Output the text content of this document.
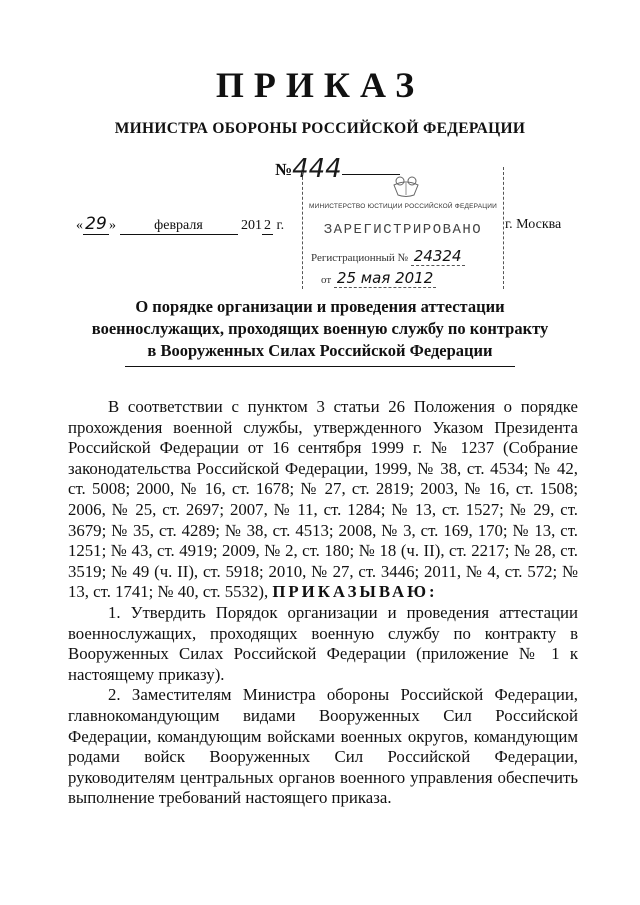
ПРИКАЗ
МИНИСТРА ОБОРОНЫ РОССИЙСКОЙ ФЕДЕРАЦИИ
№444
« 29 »	февраля	201 2 г.	г. Москва
МИНИСТЕРСТВО ЮСТИЦИИ РОССИЙСКОЙ ФЕДЕРАЦИИ
ЗАРЕГИСТРИРОВАНО
Регистрационный № 24324
от 25 мая 2012
О порядке организации и проведения аттестации
военнослужащих, проходящих военную службу по контракту
в Вооруженных Силах Российской Федерации

В соответствии с пунктом 3 статьи 26 Положения о порядке прохождения военной службы, утвержденного Указом Президента Российской Федерации от 16 сентября 1999 г. № 1237 (Собрание законодательства Российской Федерации, 1999, № 38, ст. 4534; № 42, ст. 5008; 2000, № 16, ст. 1678; № 27, ст. 2819; 2003, № 16, ст. 1508; 2006, № 25, ст. 2697; 2007, № 11, ст. 1284; № 13, ст. 1527; № 29, ст. 3679; № 35, ст. 4289; № 38, ст. 4513; 2008, № 3, ст. 169, 170; № 13, ст. 1251; № 43, ст. 4919; 2009, № 2, ст. 180; № 18 (ч. II), ст. 2217; № 28, ст. 3519; № 49 (ч. II), ст. 5918; 2010, № 27, ст. 3446; 2011, № 4, ст. 572; № 13, ст. 1741; № 40, ст. 5532), ПРИКАЗЫВАЮ:

1. Утвердить Порядок организации и проведения аттестации военнослужащих, проходящих военную службу по контракту в Вооруженных Силах Российской Федерации (приложение № 1 к настоящему приказу).

2. Заместителям Министра обороны Российской Федерации, главнокомандующим видами Вооруженных Сил Российской Федерации, командующим войсками военных округов, командующим родами войск Вооруженных Сил Российской Федерации, руководителям центральных органов военного управления обеспечить выполнение требований настоящего приказа.
